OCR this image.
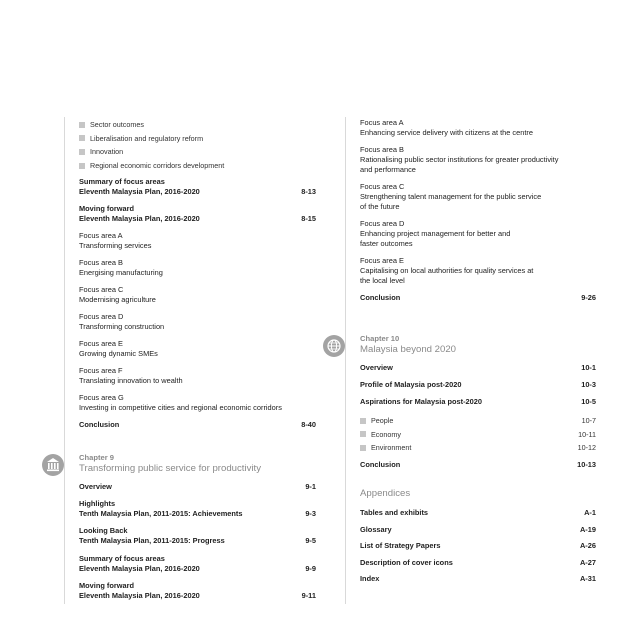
Sector outcomes
Liberalisation and regulatory reform
Innovation
Regional economic corridors development
Summary of focus areas
Eleventh Malaysia Plan, 2016-2020	8-13
Moving forward
Eleventh Malaysia Plan, 2016-2020	8-15
Focus area A
Transforming services
Focus area B
Energising manufacturing
Focus area C
Modernising agriculture
Focus area D
Transforming construction
Focus area E
Growing dynamic SMEs
Focus area F
Translating innovation to wealth
Focus area G
Investing in competitive cities and regional economic corridors
Conclusion	8-40
Chapter 9
Transforming public service for productivity
Overview	9-1
Highlights
Tenth Malaysia Plan, 2011-2015: Achievements	9-3
Looking Back
Tenth Malaysia Plan, 2011-2015: Progress	9-5
Summary of focus areas
Eleventh Malaysia Plan, 2016-2020	9-9
Moving forward
Eleventh Malaysia Plan, 2016-2020	9-11
Focus area A
Enhancing service delivery with citizens at the centre
Focus area B
Rationalising public sector institutions for greater productivity
and performance
Focus area C
Strengthening talent management for the public service
of the future
Focus area D
Enhancing project management for better and
faster outcomes
Focus area E
Capitalising on local authorities for quality services at
the local level
Conclusion	9-26
Chapter 10
Malaysia beyond 2020
Overview	10-1
Profile of Malaysia post-2020	10-3
Aspirations for Malaysia post-2020	10-5
People	10-7
Economy	10-11
Environment	10-12
Conclusion	10-13
Appendices
Tables and exhibits	A-1
Glossary	A-19
List of Strategy Papers	A-26
Description of cover icons	A-27
Index	A-31
